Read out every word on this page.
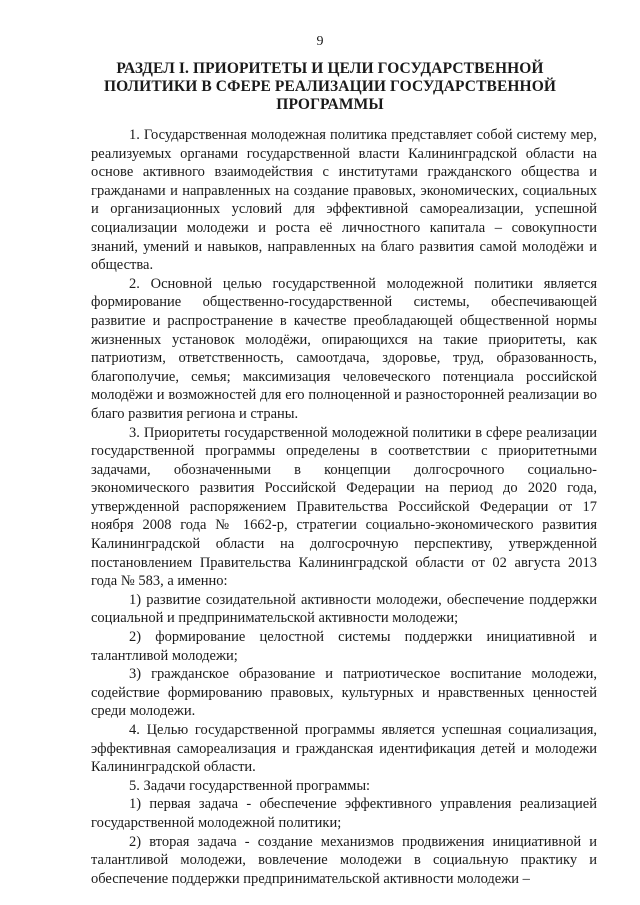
9
РАЗДЕЛ I. ПРИОРИТЕТЫ И ЦЕЛИ ГОСУДАРСТВЕННОЙ
ПОЛИТИКИ В СФЕРЕ РЕАЛИЗАЦИИ ГОСУДАРСТВЕННОЙ
ПРОГРАММЫ

1. Государственная молодежная политика представляет собой систему мер, реализуемых органами государственной власти Калининградской области на основе активного взаимодействия с институтами гражданского общества и гражданами и направленных на создание правовых, экономических, социальных и организационных условий для эффективной самореализации, успешной социализации молодежи и роста её личностного капитала – совокупности знаний, умений и навыков, направленных на благо развития самой молодёжи и общества.

2. Основной целью государственной молодежной политики является формирование общественно-государственной системы, обеспечивающей развитие и распространение в качестве преобладающей общественной нормы жизненных установок молодёжи, опирающихся на такие приоритеты, как патриотизм, ответственность, самоотдача, здоровье, труд, образованность, благополучие, семья; максимизация человеческого потенциала российской молодёжи и возможностей для его полноценной и разносторонней реализации во благо развития региона и страны.

3. Приоритеты государственной молодежной политики в сфере реализации государственной программы определены в соответствии с приоритетными задачами, обозначенными в концепции долгосрочного социально-экономического развития Российской Федерации на период до 2020 года, утвержденной распоряжением Правительства Российской Федерации от 17 ноября 2008 года № 1662-р, стратегии социально-экономического развития Калининградской области на долгосрочную перспективу, утвержденной постановлением Правительства Калининградской области от 02 августа 2013 года № 583, а именно:

1) развитие созидательной активности молодежи, обеспечение поддержки социальной и предпринимательской активности молодежи;

2) формирование целостной системы поддержки инициативной и талантливой молодежи;

3) гражданское образование и патриотическое воспитание молодежи, содействие формированию правовых, культурных и нравственных ценностей среди молодежи.

4. Целью государственной программы является успешная социализация, эффективная самореализация и гражданская идентификация детей и молодежи Калининградской области.

5. Задачи государственной программы:

1) первая задача - обеспечение эффективного управления реализацией государственной молодежной политики;

2) вторая задача - создание механизмов продвижения инициативной и талантливой молодежи, вовлечение молодежи в социальную практику и обеспечение поддержки предпринимательской активности молодежи –
